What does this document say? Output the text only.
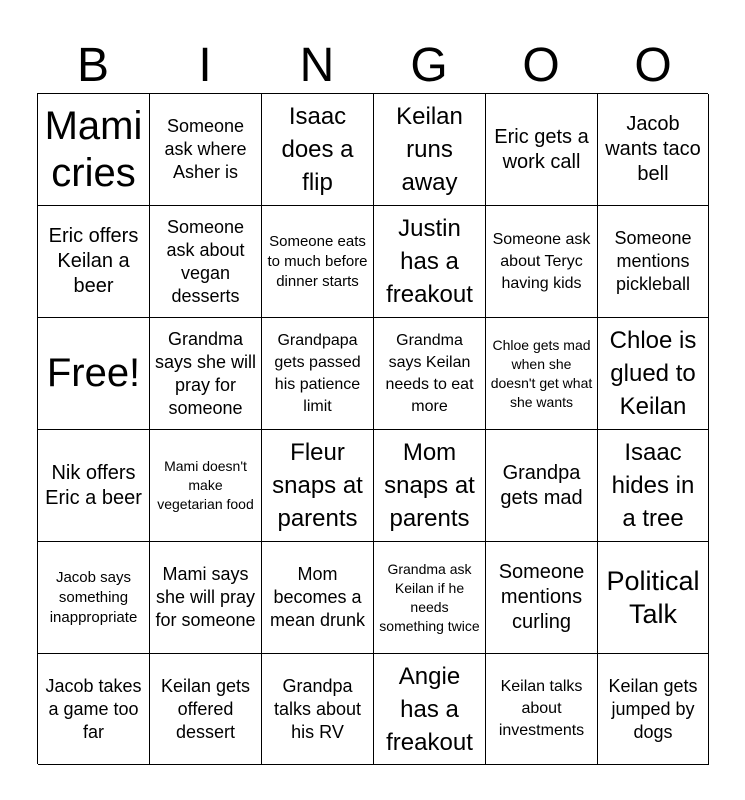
B	I	N	G	O	O
Mami cries
Someone ask where Asher is
Isaac does a flip
Keilan runs away
Eric gets a work call
Jacob wants taco bell
Eric offers Keilan a beer
Someone ask about vegan desserts
Someone eats to much before dinner starts
Justin has a freakout
Someone ask about Teryc having kids
Someone mentions pickleball
Free!
Grandma says she will pray for someone
Grandpapa gets passed his patience limit
Grandma says Keilan needs to eat more
Chloe gets mad when she doesn't get what she wants
Chloe is glued to Keilan
Nik offers Eric a beer
Mami doesn't make vegetarian food
Fleur snaps at parents
Mom snaps at parents
Grandpa gets mad
Isaac hides in a tree
Jacob says something inappropriate
Mami says she will pray for someone
Mom becomes a mean drunk
Grandma ask Keilan if he needs something twice
Someone mentions curling
Political Talk
Jacob takes a game too far
Keilan gets offered dessert
Grandpa talks about his RV
Angie has a freakout
Keilan talks about investments
Keilan gets jumped by dogs
